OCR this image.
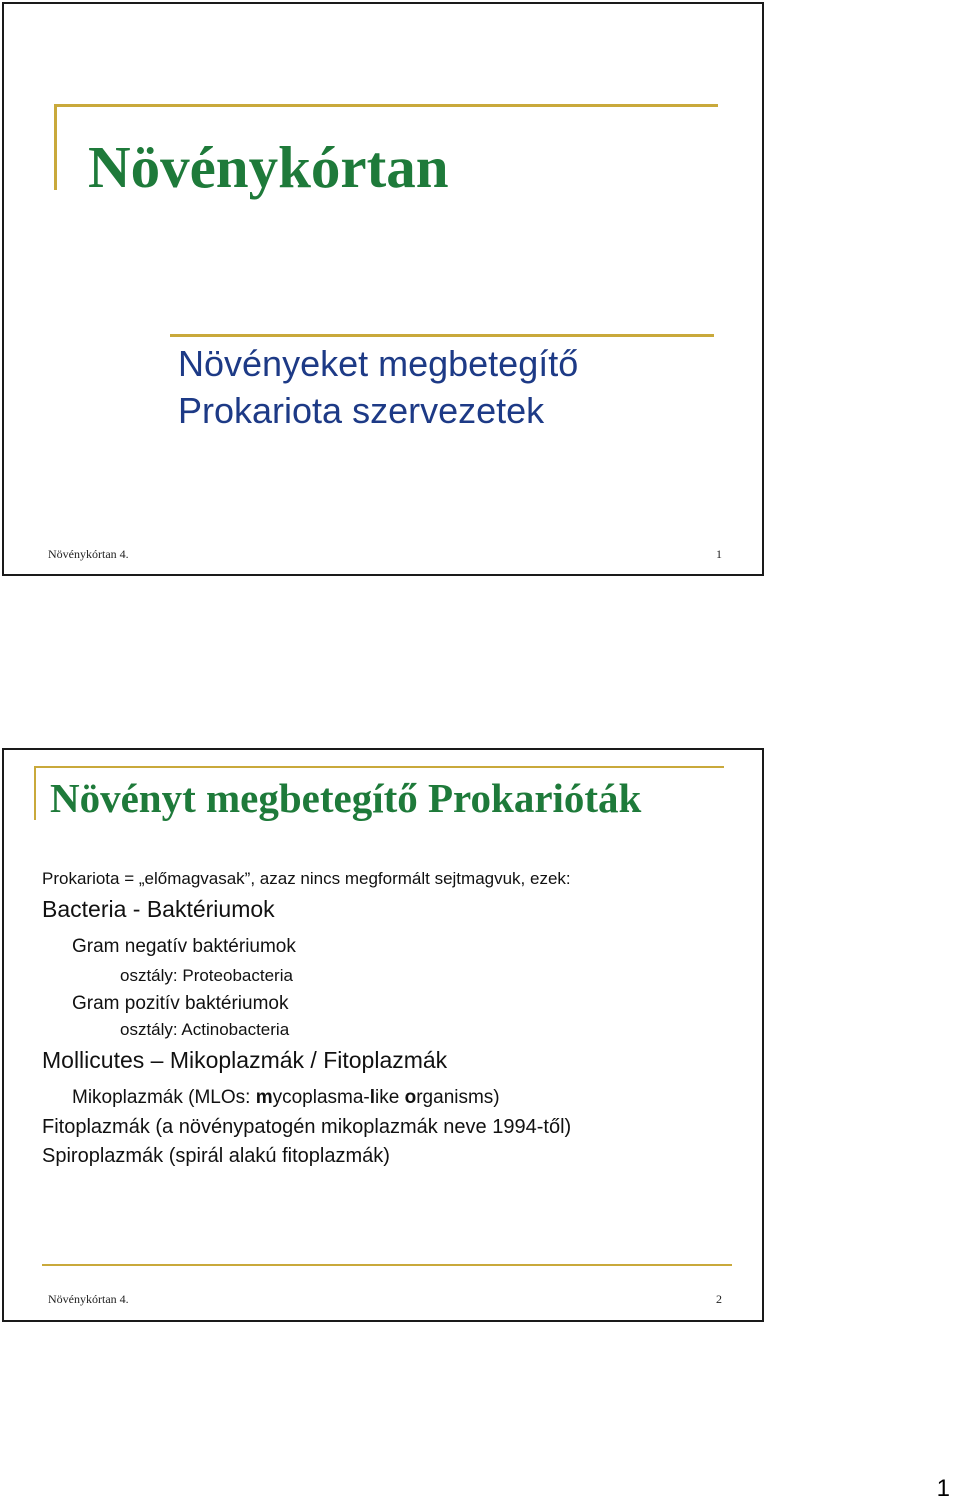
Növénykórtan
Növényeket megbetegítő
Prokariota szervezetek
Növénykórtan 4.	1
Növényt megbetegítő Prokarióták
Prokariota = „előmagvasak”, azaz nincs megformált sejtmagvuk, ezek:
Bacteria - Baktériumok
Gram negatív baktériumok
osztály: Proteobacteria
Gram pozitív baktériumok
osztály: Actinobacteria
Mollicutes – Mikoplazmák / Fitoplazmák
Mikoplazmák (MLOs: mycoplasma-like organisms)
Fitoplazmák (a növénypatogén mikoplazmák neve 1994-től)
Spiroplazmák (spirál alakú fitoplazmák)
Növénykórtan 4.	2
1
